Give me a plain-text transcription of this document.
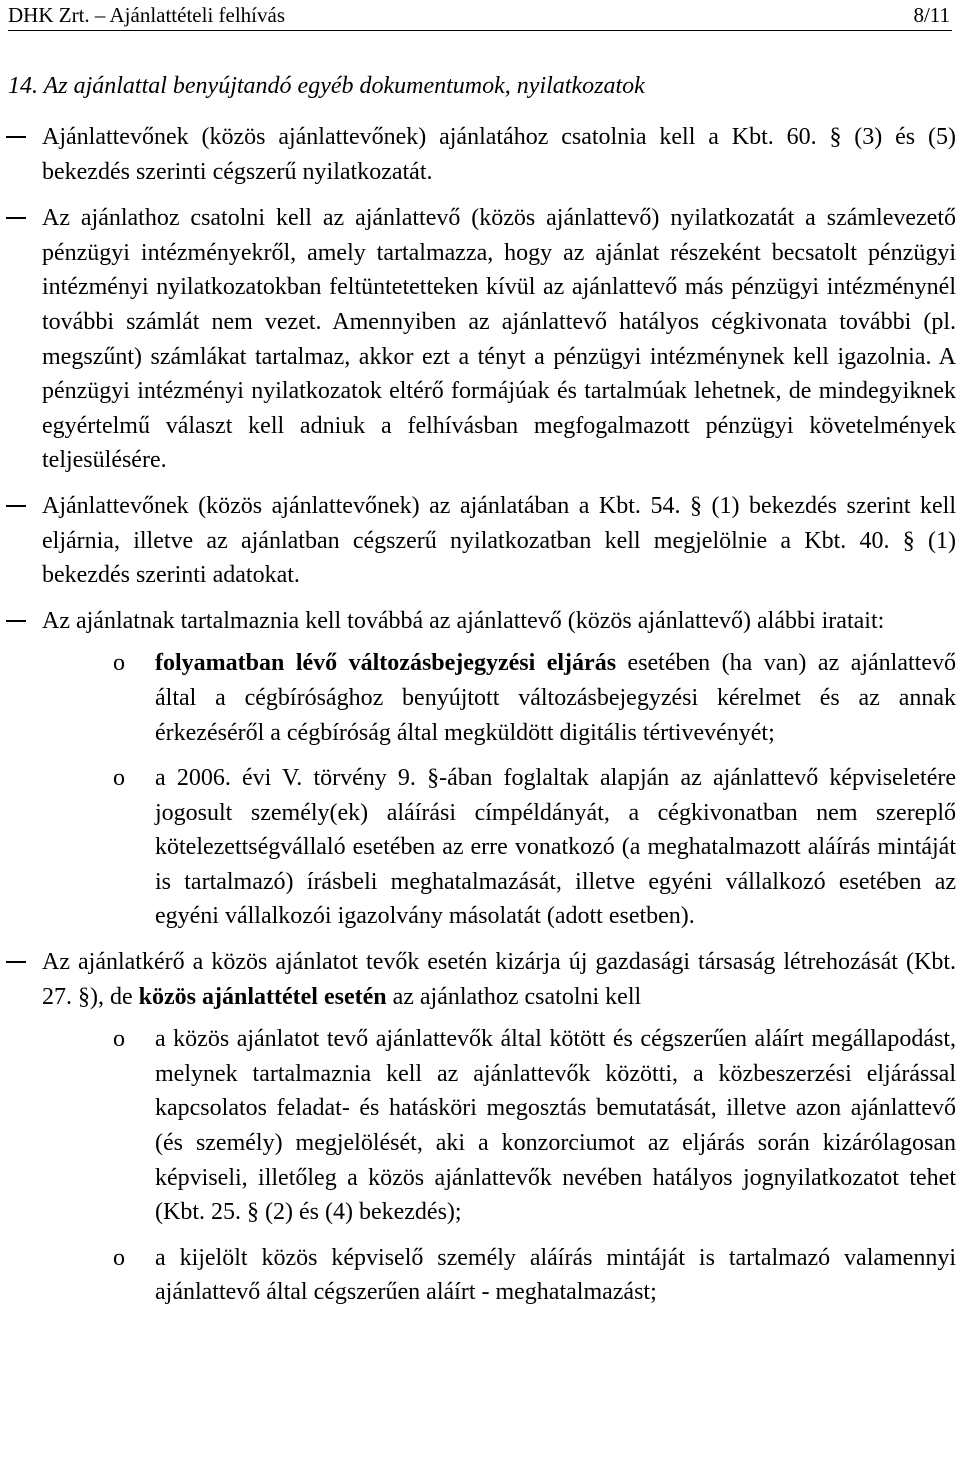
DHK Zrt. – Ajánlattételi felhívás	8/11
14. Az ajánlattal benyújtandó egyéb dokumentumok, nyilatkozatok
Ajánlattevőnek (közös ajánlattevőnek) ajánlatához csatolnia kell a Kbt. 60. § (3) és (5) bekezdés szerinti cégszerű nyilatkozatát.
Az ajánlathoz csatolni kell az ajánlattevő (közös ajánlattevő) nyilatkozatát a számlevezető pénzügyi intézményekről, amely tartalmazza, hogy az ajánlat részeként becsatolt pénzügyi intézményi nyilatkozatokban feltüntetetteken kívül az ajánlattevő más pénzügyi intézménynél további számlát nem vezet. Amennyiben az ajánlattevő hatályos cégkivonata további (pl. megszűnt) számlákat tartalmaz, akkor ezt a tényt a pénzügyi intézménynek kell igazolnia. A pénzügyi intézményi nyilatkozatok eltérő formájúak és tartalmúak lehetnek, de mindegyiknek egyértelmű választ kell adniuk a felhívásban megfogalmazott pénzügyi követelmények teljesülésére.
Ajánlattevőnek (közös ajánlattevőnek) az ajánlatában a Kbt. 54. § (1) bekezdés szerint kell eljárnia, illetve az ajánlatban cégszerű nyilatkozatban kell megjelölnie a Kbt. 40. § (1) bekezdés szerinti adatokat.
Az ajánlatnak tartalmaznia kell továbbá az ajánlattevő (közös ajánlattevő) alábbi iratait:
o folyamatban lévő változásbejegyzési eljárás esetében (ha van) az ajánlattevő által a cégbírósághoz benyújtott változásbejegyzési kérelmet és az annak érkezéséről a cégbíróság által megküldött digitális tértivevényét;
o a 2006. évi V. törvény 9. §-ában foglaltak alapján az ajánlattevő képviseletére jogosult személy(ek) aláírási címpéldányát, a cégkivonatban nem szereplő kötelezettségvállaló esetében az erre vonatkozó (a meghatalmazott aláírás mintáját is tartalmazó) írásbeli meghatalmazását, illetve egyéni vállalkozó esetében az egyéni vállalkozói igazolvány másolatát (adott esetben).
Az ajánlatkérő a közös ajánlatot tevők esetén kizárja új gazdasági társaság létrehozását (Kbt. 27. §), de közös ajánlattétel esetén az ajánlathoz csatolni kell
o a közös ajánlatot tevő ajánlattevők által kötött és cégszerűen aláírt megállapodást, melynek tartalmaznia kell az ajánlattevők közötti, a közbeszerzési eljárással kapcsolatos feladat- és hatásköri megosztás bemutatását, illetve azon ajánlattevő (és személy) megjelölését, aki a konzorciumot az eljárás során kizárólagosan képviseli, illetőleg a közös ajánlattevők nevében hatályos jognyilatkozatot tehet (Kbt. 25. § (2) és (4) bekezdés);
o a kijelölt közös képviselő személy aláírás mintáját is tartalmazó valamennyi ajánlattevő által cégszerűen aláírt - meghatalmazást;
